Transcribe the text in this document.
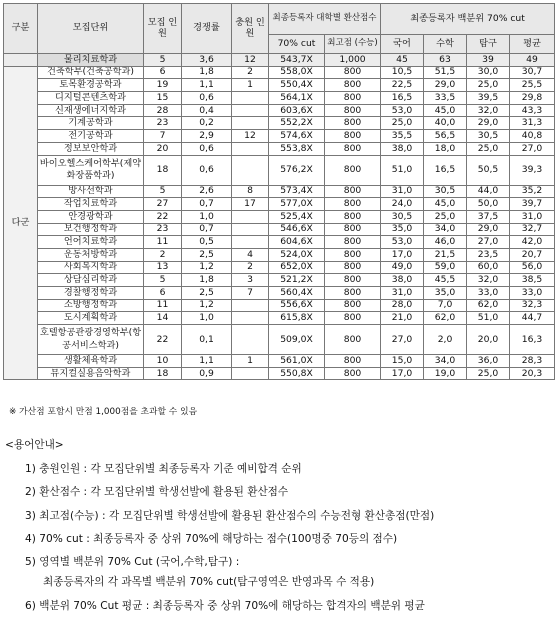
구분	모집단위	모집 인원	경쟁률	충원 인원	최종등록자 대학별 환산점수		최종등록자 백분위 70% cut			
					70% cut	최고점 (수능)	국어	수학	탐구	평균
	물리치료학과	5	3,6	12	543,7X	1,000	45	63	39	49
다군	건축학부(건축공학과)	6	1,8	2	558,0X	800	10,5	51,5	30,0	30,7
	토목환경공학과	19	1,1	1	550,4X	800	22,5	29,0	25,0	25,5
	디지털콘텐츠학과	15	0,6		564,1X	800	16,5	33,5	39,5	29,8
	신재생에너지학과	28	0,4		603,6X	800	53,0	45,0	32,0	43,3
	기계공학과	23	0,2		552,2X	800	25,0	40,0	29,0	31,3
	전기공학과	7	2,9	12	574,6X	800	35,5	56,5	30,5	40,8
	정보보안학과	20	0,6		553,8X	800	38,0	18,0	25,0	27,0
	바이오헬스케어학부(제약화장품학과)	18	0,6		576,2X	800	51,0	16,5	50,5	39,3
	방사선학과	5	2,6	8	573,4X	800	31,0	30,5	44,0	35,2
	작업치료학과	27	0,7	17	577,0X	800	24,0	45,0	50,0	39,7
	안경광학과	22	1,0		525,4X	800	30,5	25,0	37,5	31,0
	보건행정학과	23	0,7		546,6X	800	35,0	34,0	29,0	32,7
	언어치료학과	11	0,5		604,6X	800	53,0	46,0	27,0	42,0
	운동처방학과	2	2,5	4	524,0X	800	17,0	21,5	23,5	20,7
	사회복지학과	13	1,2	2	652,0X	800	49,0	59,0	60,0	56,0
	상담심리학과	5	1,8	3	521,2X	800	38,0	45,5	32,0	38,5
	경찰행정학과	6	2,5	7	560,4X	800	31,0	35,0	33,0	33,0
	소방행정학과	11	1,2		556,6X	800	28,0	7,0	62,0	32,3
	도시계획학과	14	1,0		615,8X	800	21,0	62,0	51,0	44,7
	호텔항공관광경영학부(항공서비스학과)	22	0,1		509,0X	800	27,0	2,0	20,0	16,3
	생활체육학과	10	1,1	1	561,0X	800	15,0	34,0	36,0	28,3
	뮤지컬실용음악학과	18	0,9		550,8X	800	17,0	19,0	25,0	20,3
※ 가산점 포함시 만점 1,000점을 초과할 수 있음
<용어안내>
1) 충원인원 : 각 모집단위별 최종등록자 기준 예비합격 순위
2) 환산점수 : 각 모집단위별 학생선발에 활용된 환산점수
3) 최고점(수능) : 각 모집단위별 학생선발에 활용된 환산점수의 수능전형 환산총점(만점)
4) 70% cut : 최종등록자 중 상위 70%에 해당하는 점수(100명중 70등의 점수)
5) 영역별 백분위 70% Cut (국어,수학,탐구) :
최종등록자의 각 과목별 백분위 70% cut(탐구영역은 반영과목 수 적용)
6) 백분위 70% Cut 평균 : 최종등록자 중 상위 70%에 해당하는 합격자의 백분위 평균
